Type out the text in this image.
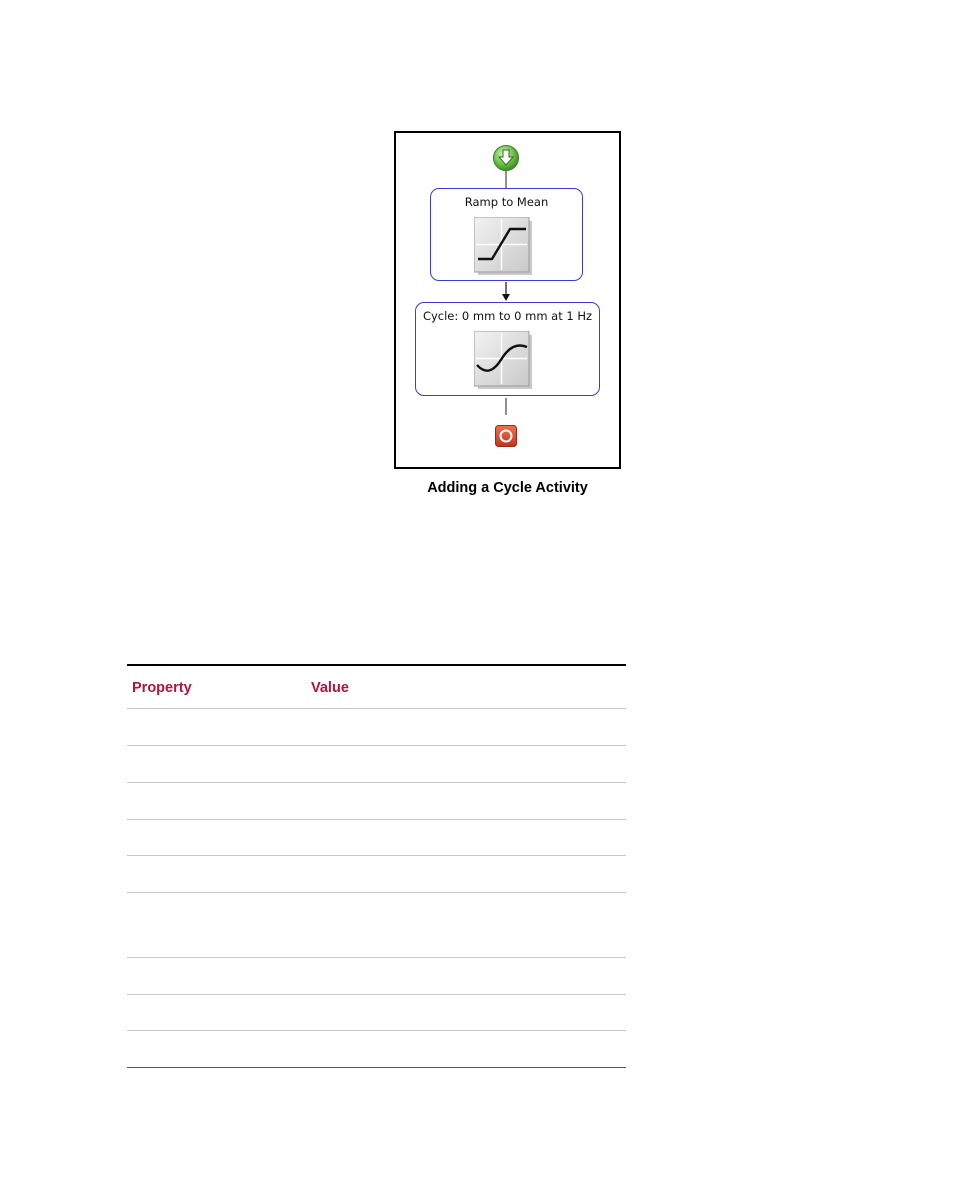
Ramp to Mean
Cycle: 0 mm to 0 mm at 1 Hz
Adding a Cycle Activity
Property	Value
